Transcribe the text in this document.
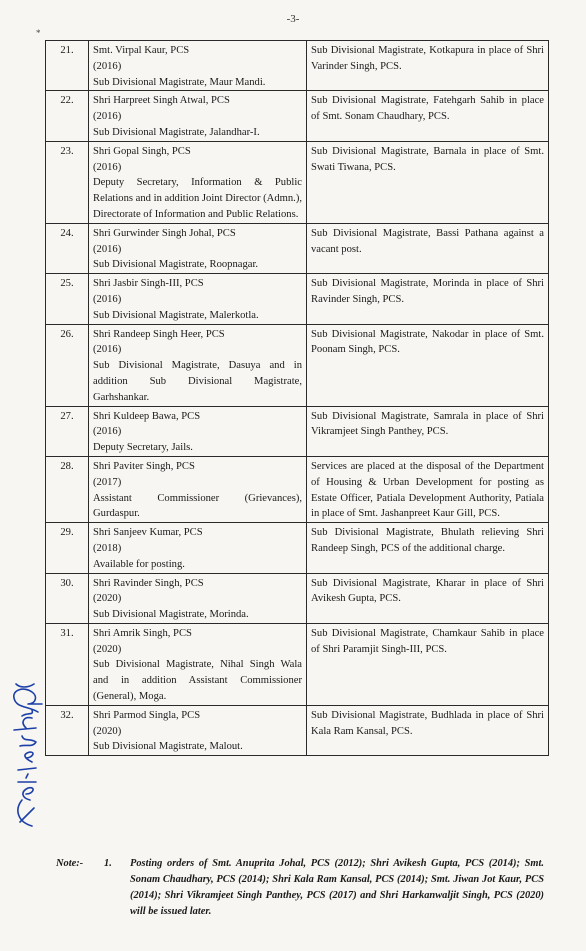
-3-
*
21.	Smt. Virpal Kaur, PCS
(2016)
Sub Divisional Magistrate, Maur Mandi.	Sub Divisional Magistrate, Kotkapura in place of Shri Varinder Singh, PCS.
22.	Shri Harpreet Singh Atwal, PCS
(2016)
Sub Divisional Magistrate, Jalandhar-I.	Sub Divisional Magistrate, Fatehgarh Sahib in place of Smt. Sonam Chaudhary, PCS.
23.	Shri Gopal Singh, PCS
(2016)
Deputy Secretary, Information & Public Relations and in addition Joint Director (Admn.), Directorate of Information and Public Relations.	Sub Divisional Magistrate, Barnala in place of Smt. Swati Tiwana, PCS.
24.	Shri Gurwinder Singh Johal, PCS
(2016)
Sub Divisional Magistrate, Roopnagar.	Sub Divisional Magistrate, Bassi Pathana against a vacant post.
25.	Shri Jasbir Singh-III, PCS
(2016)
Sub Divisional Magistrate, Malerkotla.	Sub Divisional Magistrate, Morinda in place of Shri Ravinder Singh, PCS.
26.	Shri Randeep Singh Heer, PCS
(2016)
Sub Divisional Magistrate, Dasuya and in addition Sub Divisional Magistrate, Garhshankar.	Sub Divisional Magistrate, Nakodar in place of Smt. Poonam Singh, PCS.
27.	Shri Kuldeep Bawa, PCS
(2016)
Deputy Secretary, Jails.	Sub Divisional Magistrate, Samrala in place of Shri Vikramjeet Singh Panthey, PCS.
28.	Shri Paviter Singh, PCS
(2017)
Assistant Commissioner (Grievances), Gurdaspur.	Services are placed at the disposal of the Department of Housing & Urban Development for posting as Estate Officer, Patiala Development Authority, Patiala in place of Smt. Jashanpreet Kaur Gill, PCS.
29.	Shri Sanjeev Kumar, PCS
(2018)
Available for posting.	Sub Divisional Magistrate, Bhulath relieving Shri Randeep Singh, PCS of the additional charge.
30.	Shri Ravinder Singh, PCS
(2020)
Sub Divisional Magistrate, Morinda.	Sub Divisional Magistrate, Kharar in place of Shri Avikesh Gupta, PCS.
31.	Shri Amrik Singh, PCS
(2020)
Sub Divisional Magistrate, Nihal Singh Wala and in addition Assistant Commissioner (General), Moga.	Sub Divisional Magistrate, Chamkaur Sahib in place of Shri Paramjit Singh-III, PCS.
32.	Shri Parmod Singla, PCS
(2020)
Sub Divisional Magistrate, Malout.	Sub Divisional Magistrate, Budhlada in place of Shri Kala Ram Kansal, PCS.
Note:- 1. Posting orders of Smt. Anuprita Johal, PCS (2012); Shri Avikesh Gupta, PCS (2014); Smt. Sonam Chaudhary, PCS (2014); Shri Kala Ram Kansal, PCS (2014); Smt. Jiwan Jot Kaur, PCS (2014); Shri Vikramjeet Singh Panthey, PCS (2017) and Shri Harkanwaljit Singh, PCS (2020) will be issued later.
